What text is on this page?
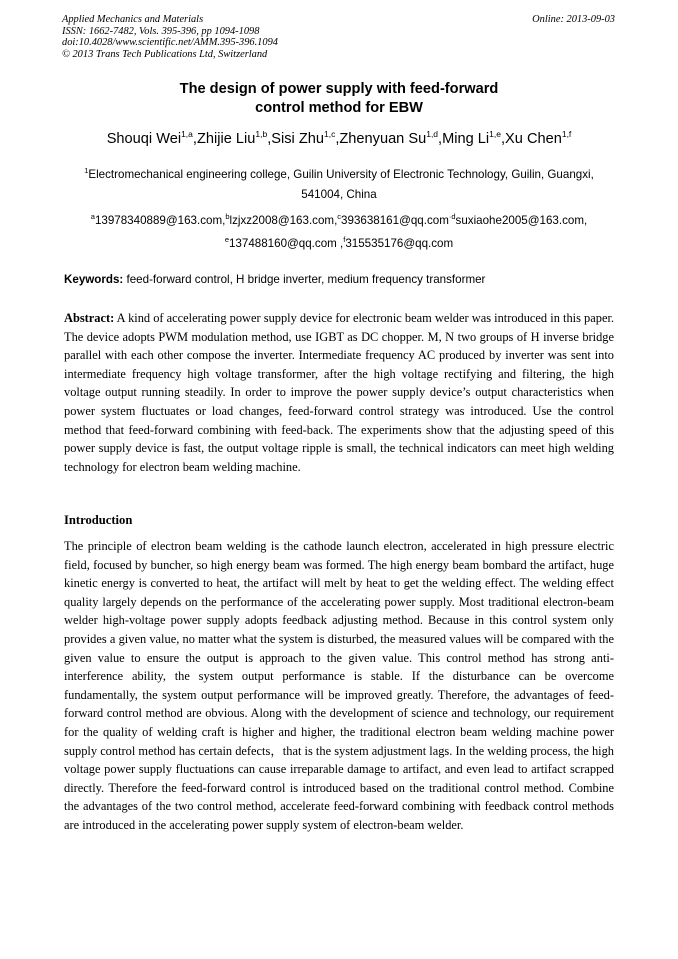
Applied Mechanics and Materials
ISSN: 1662-7482, Vols. 395-396, pp 1094-1098
doi:10.4028/www.scientific.net/AMM.395-396.1094
© 2013 Trans Tech Publications Ltd, Switzerland
Online: 2013-09-03
The design of power supply with feed-forward
control method for EBW
Shouqi Wei$^{1,a}$,Zhijie Liu$^{1,b}$,Sisi Zhu$^{1,c}$,Zhenyuan Su$^{1,d}$,Ming Li$^{1,e}$,Xu Chen$^{1,f}$
$^1$Electromechanical engineering college, Guilin University of Electronic Technology, Guilin, Guangxi,
541004, China
$^a$13978340889@163.com,$^b$lzjxz2008@163.com,$^c$393638161@qq.com$^{\cdot d}$suxiaohe2005@163.com,
$^e$137488160@qq.com ,$^f$315535176@qq.com
Keywords: feed-forward control, H bridge inverter, medium frequency transformer
Abstract: A kind of accelerating power supply device for electronic beam welder was introduced in this paper. The device adopts PWM modulation method, use IGBT as DC chopper. M, N two groups of H inverse bridge parallel with each other compose the inverter. Intermediate frequency AC produced by inverter was sent into intermediate frequency high voltage transformer, after the high voltage rectifying and filtering, the high voltage output running steadily. In order to improve the power supply device’s output characteristics when power system fluctuates or load changes, feed-forward control strategy was introduced. Use the control method that feed-forward combining with feed-back. The experiments show that the adjusting speed of this power supply device is fast, the output voltage ripple is small, the technical indicators can meet high welding technology for electron beam welding machine.
Introduction
The principle of electron beam welding is the cathode launch electron, accelerated in high pressure electric field, focused by buncher, so high energy beam was formed. The high energy beam bombard the artifact, huge kinetic energy is converted to heat, the artifact will melt by heat to get the welding effect. The welding effect quality largely depends on the performance of the accelerating power supply. Most traditional electron-beam welder high-voltage power supply adopts feedback adjusting method. Because in this control system only provides a given value, no matter what the system is disturbed, the measured values will be compared with the given value to ensure the output is approach to the given value. This control method has strong anti-interference ability, the system output performance is stable. If the disturbance can be overcome fundamentally, the system output performance will be improved greatly. Therefore, the advantages of feed-forward control method are obvious. Along with the development of science and technology, our requirement for the quality of welding craft is higher and higher, the traditional electron beam welding machine power supply control method has certain defects，that is the system adjustment lags. In the welding process, the high voltage power supply fluctuations can cause irreparable damage to artifact, and even lead to artifact scrapped directly. Therefore the feed-forward control is introduced based on the traditional control method. Combine the advantages of the two control method, accelerate feed-forward combining with feedback control methods are introduced in the accelerating power supply system of electron-beam welder.
